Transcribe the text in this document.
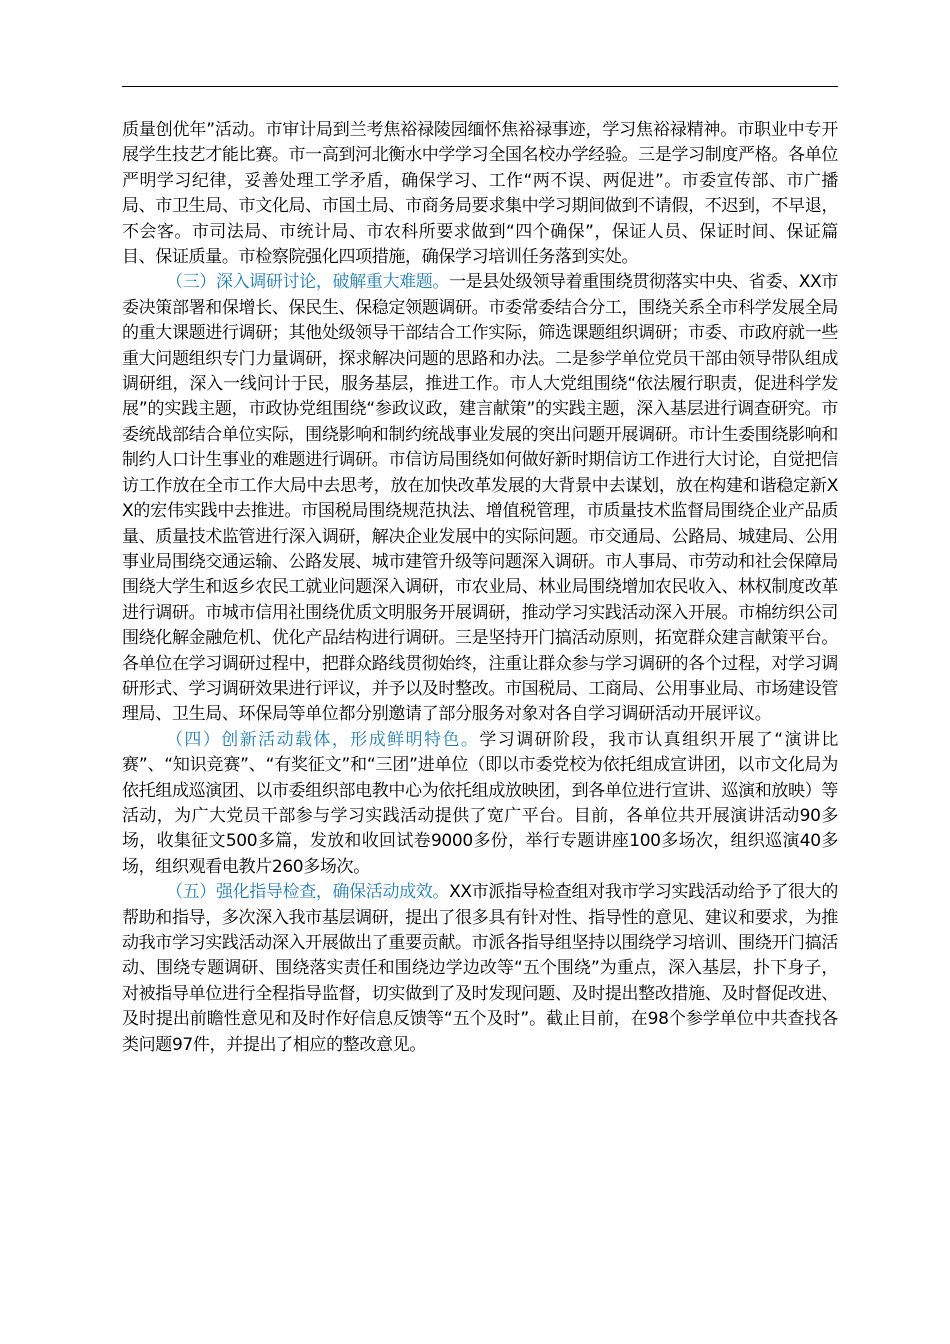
质量创优年”活动。市审计局到兰考焦裕禄陵园缅怀焦裕禄事迹，学习焦裕禄精神。市职业中专开展学生技艺才能比赛。市一高到河北衡水中学学习全国名校办学经验。三是学习制度严格。各单位严明学习纪律，妥善处理工学矛盾，确保学习、工作“两不误、两促进”。市委宣传部、市广播局、市卫生局、市文化局、市国土局、市商务局要求集中学习期间做到不请假，不迟到，不早退，不会客。市司法局、市统计局、市农科所要求做到“四个确保”，保证人员、保证时间、保证篇目、保证质量。市检察院强化四项措施，确保学习培训任务落到实处。

（三）深入调研讨论，破解重大难题。一是县处级领导着重围绕贯彻落实中央、省委、XX市委决策部署和保增长、保民生、保稳定领题调研。市委常委结合分工，围绕关系全市科学发展全局的重大课题进行调研；其他处级领导干部结合工作实际，筛选课题组织调研；市委、市政府就一些重大问题组织专门力量调研，探求解决问题的思路和办法。二是参学单位党员干部由领导带队组成调研组，深入一线问计于民，服务基层，推进工作。市人大党组围绕“依法履行职责，促进科学发展”的实践主题，市政协党组围绕“参政议政，建言献策”的实践主题，深入基层进行调查研究。市委统战部结合单位实际，围绕影响和制约统战事业发展的突出问题开展调研。市计生委围绕影响和制约人口计生事业的难题进行调研。市信访局围绕如何做好新时期信访工作进行大讨论，自觉把信访工作放在全市工作大局中去思考，放在加快改革发展的大背景中去谋划，放在构建和谐稳定新XX的宏伟实践中去推进。市国税局围绕规范执法、增值税管理，市质量技术监督局围绕企业产品质量、质量技术监管进行深入调研，解决企业发展中的实际问题。市交通局、公路局、城建局、公用事业局围绕交通运输、公路发展、城市建管升级等问题深入调研。市人事局、市劳动和社会保障局围绕大学生和返乡农民工就业问题深入调研，市农业局、林业局围绕增加农民收入、林权制度改革进行调研。市城市信用社围绕优质文明服务开展调研，推动学习实践活动深入开展。市棉纺织公司围绕化解金融危机、优化产品结构进行调研。三是坚持开门搞活动原则，拓宽群众建言献策平台。各单位在学习调研过程中，把群众路线贯彻始终，注重让群众参与学习调研的各个过程，对学习调研形式、学习调研效果进行评议，并予以及时整改。市国税局、工商局、公用事业局、市场建设管理局、卫生局、环保局等单位都分别邀请了部分服务对象对各自学习调研活动开展评议。

（四）创新活动载体，形成鲜明特色。学习调研阶段，我市认真组织开展了“演讲比赛”、“知识竞赛”、“有奖征文”和“三团”进单位（即以市委党校为依托组成宣讲团，以市文化局为依托组成巡演团、以市委组织部电教中心为依托组成放映团，到各单位进行宣讲、巡演和放映）等活动，为广大党员干部参与学习实践活动提供了宽广平台。目前，各单位共开展演讲活动90多场，收集征文500多篇，发放和收回试卷9000多份，举行专题讲座100多场次，组织巡演40多场，组织观看电教片260多场次。

（五）强化指导检查，确保活动成效。XX市派指导检查组对我市学习实践活动给予了很大的帮助和指导，多次深入我市基层调研，提出了很多具有针对性、指导性的意见、建议和要求，为推动我市学习实践活动深入开展做出了重要贡献。市派各指导组坚持以围绕学习培训、围绕开门搞活动、围绕专题调研、围绕落实责任和围绕边学边改等“五个围绕”为重点，深入基层，扑下身子，对被指导单位进行全程指导监督，切实做到了及时发现问题、及时提出整改措施、及时督促改进、及时提出前瞻性意见和及时作好信息反馈等“五个及时”。截止目前，在98个参学单位中共查找各类问题97件，并提出了相应的整改意见。
